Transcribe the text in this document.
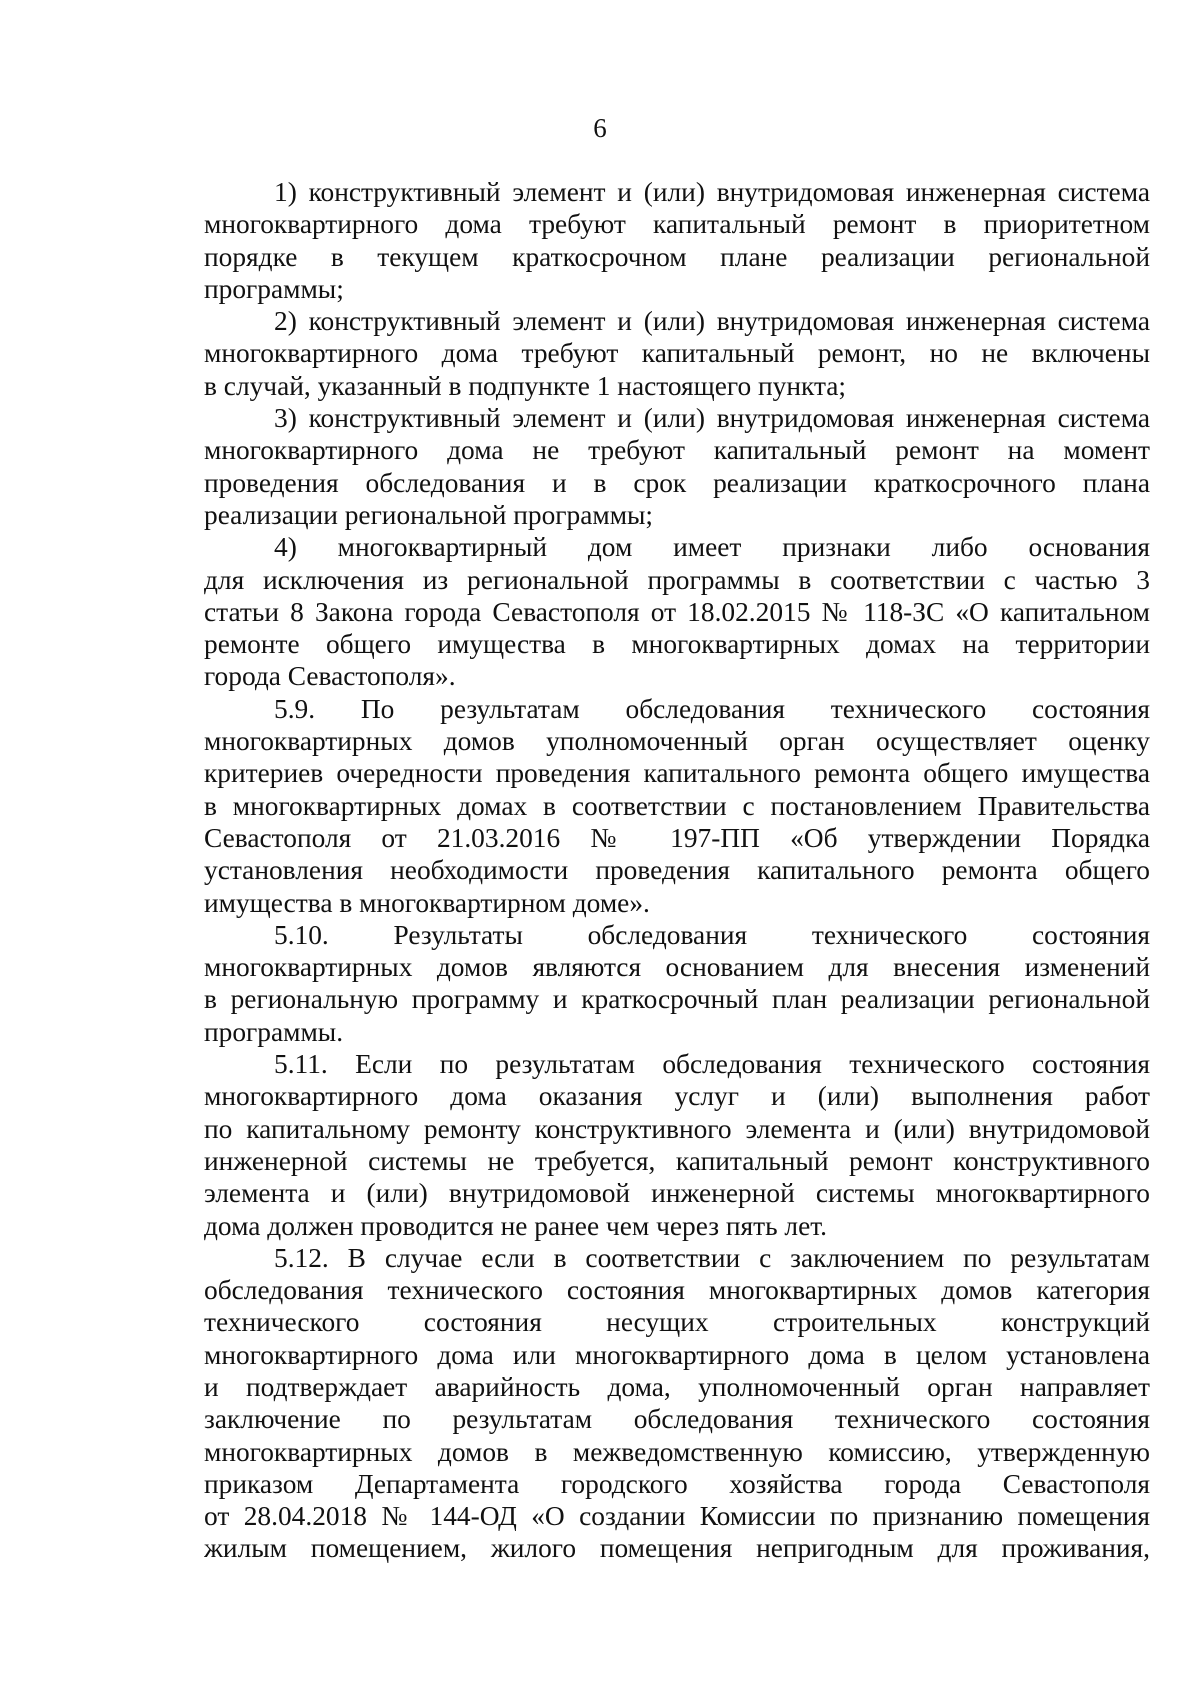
6

1) конструктивный элемент и (или) внутридомовая инженерная система
многоквартирного дома требуют капитальный ремонт в приоритетном
порядке в текущем краткосрочном плане реализации региональной
программы;

2) конструктивный элемент и (или) внутридомовая инженерная система
многоквартирного дома требуют капитальный ремонт, но не включены
в случай, указанный в подпункте 1 настоящего пункта;

3) конструктивный элемент и (или) внутридомовая инженерная система
многоквартирного дома не требуют капитальный ремонт на момент
проведения обследования и в срок реализации краткосрочного плана
реализации региональной программы;

4) многоквартирный дом имеет признаки либо основания
для исключения из региональной программы в соответствии с частью 3
статьи 8 Закона города Севастополя от 18.02.2015 № 118-ЗС «О капитальном
ремонте общего имущества в многоквартирных домах на территории
города Севастополя».

5.9. По результатам обследования технического состояния
многоквартирных домов уполномоченный орган осуществляет оценку
критериев очередности проведения капитального ремонта общего имущества
в многоквартирных домах в соответствии с постановлением Правительства
Севастополя от 21.03.2016 № 197-ПП «Об утверждении Порядка
установления необходимости проведения капитального ремонта общего
имущества в многоквартирном доме».

5.10. Результаты обследования технического состояния
многоквартирных домов являются основанием для внесения изменений
в региональную программу и краткосрочный план реализации региональной
программы.

5.11. Если по результатам обследования технического состояния
многоквартирного дома оказания услуг и (или) выполнения работ
по капитальному ремонту конструктивного элемента и (или) внутридомовой
инженерной системы не требуется, капитальный ремонт конструктивного
элемента и (или) внутридомовой инженерной системы многоквартирного
дома должен проводится не ранее чем через пять лет.

5.12. В случае если в соответствии с заключением по результатам
обследования технического состояния многоквартирных домов категория
технического состояния несущих строительных конструкций
многоквартирного дома или многоквартирного дома в целом установлена
и подтверждает аварийность дома, уполномоченный орган направляет
заключение по результатам обследования технического состояния
многоквартирных домов в межведомственную комиссию, утвержденную
приказом Департамента городского хозяйства города Севастополя
от 28.04.2018 № 144-ОД «О создании Комиссии по признанию помещения
жилым помещением, жилого помещения непригодным для проживания,
